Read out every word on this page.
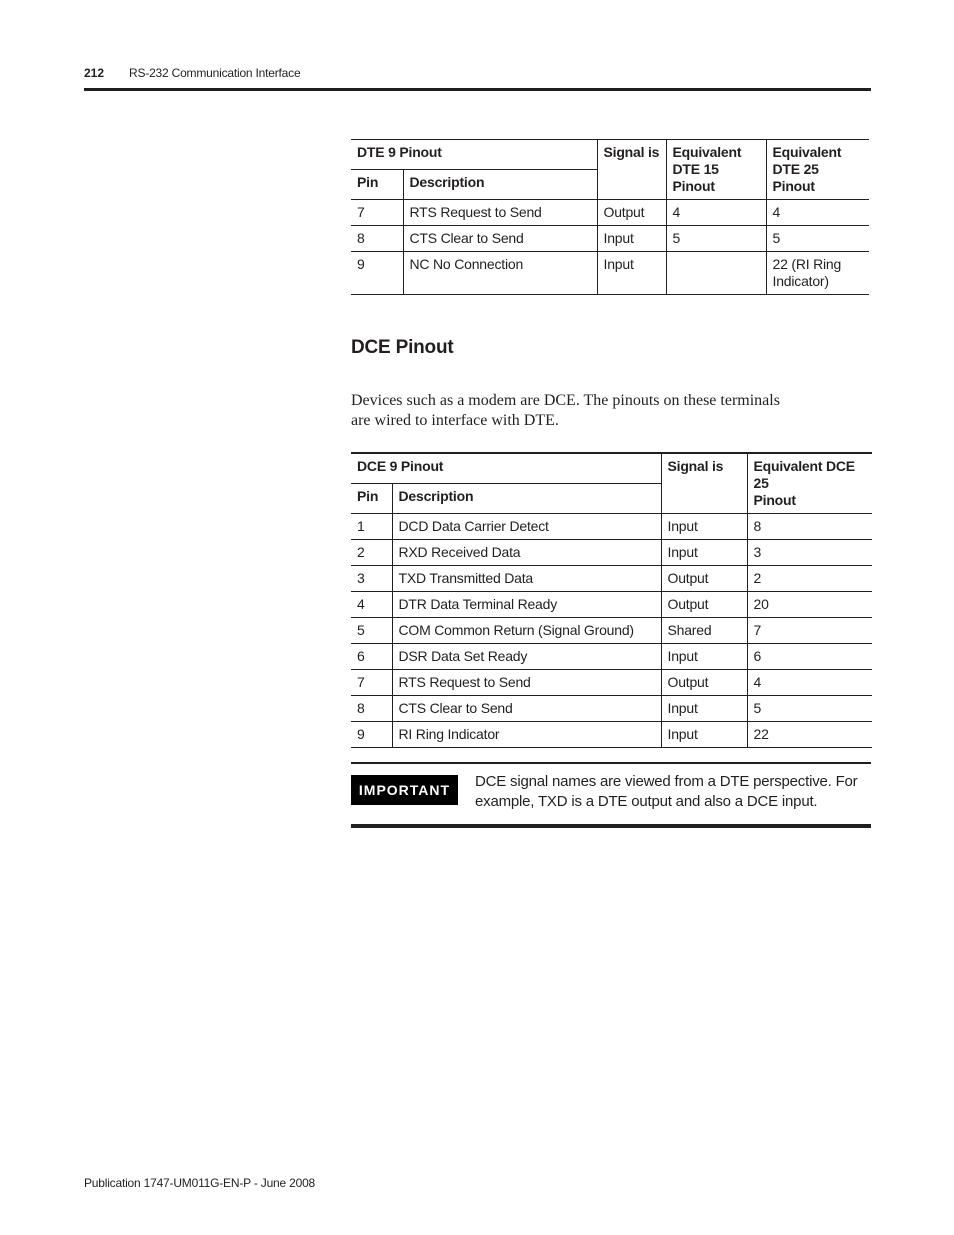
212 RS-232 Communication Interface
DTE 9 Pinout		Signal is	Equivalent
DTE 15 Pinout	Equivalent
DTE 25 Pinout
Pin	Description			
7	RTS Request to Send	Output	4	4
8	CTS Clear to Send	Input	5	5
9	NC No Connection	Input		22 (RI Ring
Indicator)
DCE Pinout
Devices such as a modem are DCE. The pinouts on these terminals
are wired to interface with DTE.
DCE 9 Pinout		Signal is	Equivalent DCE 25
Pinout
Pin	Description		
1	DCD Data Carrier Detect	Input	8
2	RXD Received Data	Input	3
3	TXD Transmitted Data	Output	2
4	DTR Data Terminal Ready	Output	20
5	COM Common Return (Signal Ground)	Shared	7
6	DSR Data Set Ready	Input	6
7	RTS Request to Send	Output	4
8	CTS Clear to Send	Input	5
9	RI Ring Indicator	Input	22
IMPORTANT	DCE signal names are viewed from a DTE perspective. For
example, TXD is a DTE output and also a DCE input.
Publication 1747-UM011G-EN-P - June 2008
